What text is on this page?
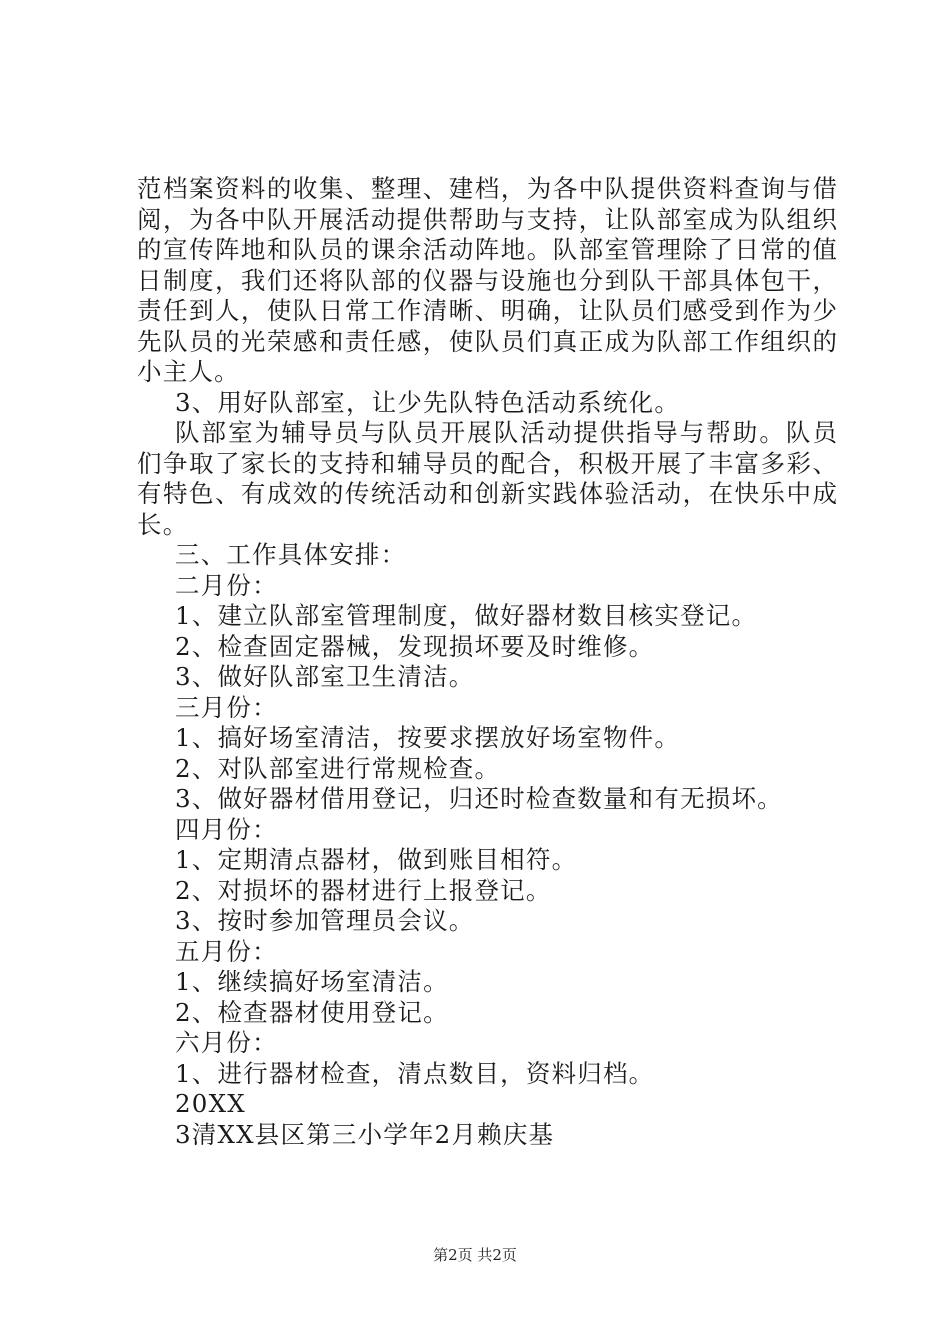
范档案资料的收集、整理、建档，为各中队提供资料查询与借
阅，为各中队开展活动提供帮助与支持，让队部室成为队组织
的宣传阵地和队员的课余活动阵地。队部室管理除了日常的值
日制度，我们还将队部的仪器与设施也分到队干部具体包干，
责任到人，使队日常工作清晰、明确，让队员们感受到作为少
先队员的光荣感和责任感，使队员们真正成为队部工作组织的
小主人。
3、用好队部室，让少先队特色活动系统化。
队部室为辅导员与队员开展队活动提供指导与帮助。队员
们争取了家长的支持和辅导员的配合，积极开展了丰富多彩、
有特色、有成效的传统活动和创新实践体验活动，在快乐中成
长。
三、工作具体安排：
二月份：
1、建立队部室管理制度，做好器材数目核实登记。
2、检查固定器械，发现损坏要及时维修。
3、做好队部室卫生清洁。
三月份：
1、搞好场室清洁，按要求摆放好场室物件。
2、对队部室进行常规检查。
3、做好器材借用登记，归还时检查数量和有无损坏。
四月份：
1、定期清点器材，做到账目相符。
2、对损坏的器材进行上报登记。
3、按时参加管理员会议。
五月份：
1、继续搞好场室清洁。
2、检查器材使用登记。
六月份：
1、进行器材检查，清点数目，资料归档。
20XX
3清XX县区第三小学年2月赖庆基
第2页 共2页
